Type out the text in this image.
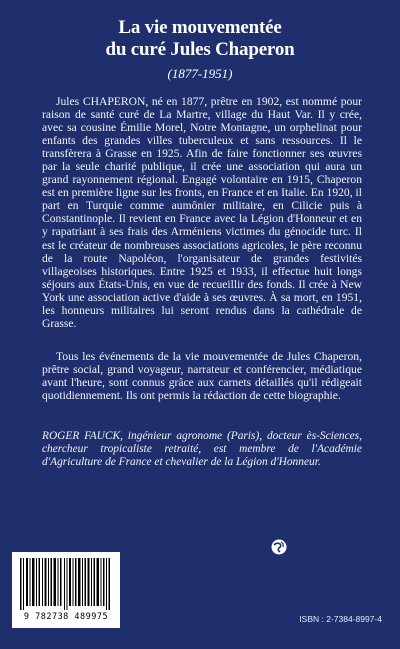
La vie mouvementée
du curé Jules Chaperon
(1877-1951)
Jules CHAPERON, né en 1877, prêtre en 1902, est nommé pour raison de santé curé de La Martre, village du Haut Var. Il y crée, avec sa cousine Émilie Morel, Notre Montagne, un orphelinat pour enfants des grandes villes tuberculeux et sans ressources. Il le transfèrera à Grasse en 1925. Afin de faire fonctionner ses œuvres par la seule charité publique, il crée une association qui aura un grand rayonnement régional. Engagé volontaire en 1915, Chaperon est en première ligne sur les fronts, en France et en Italie. En 1920, il part en Turquie comme aumônier militaire, en Cilicie puis à Constantinople. Il revient en France avec la Légion d'Honneur et en y rapatriant à ses frais des Arméniens victimes du génocide turc. Il est le créateur de nombreuses associations agricoles, le père reconnu de la route Napoléon, l'organisateur de grandes festivités villageoises historiques. Entre 1925 et 1933, il effectue huit longs séjours aux États-Unis, en vue de recueillir des fonds. Il crée à New York une association active d'aide à ses œuvres. À sa mort, en 1951, les honneurs militaires lui seront rendus dans la cathédrale de Grasse.
Tous les événements de la vie mouvementée de Jules Chaperon, prêtre social, grand voyageur, narrateur et conférencier, médiatique avant l'heure, sont connus grâce aux carnets détaillés qu'il rédigeait quotidiennement. Ils ont permis la rédaction de cette biographie.
ROGER FAUCK, ingénieur agronome (Paris), docteur ès-Sciences, chercheur tropicaliste retraité, est membre de l'Académie d'Agriculture de France et chevalier de la Légion d'Honneur.
9 782738 489975	ISBN : 2-7384-8997-4
